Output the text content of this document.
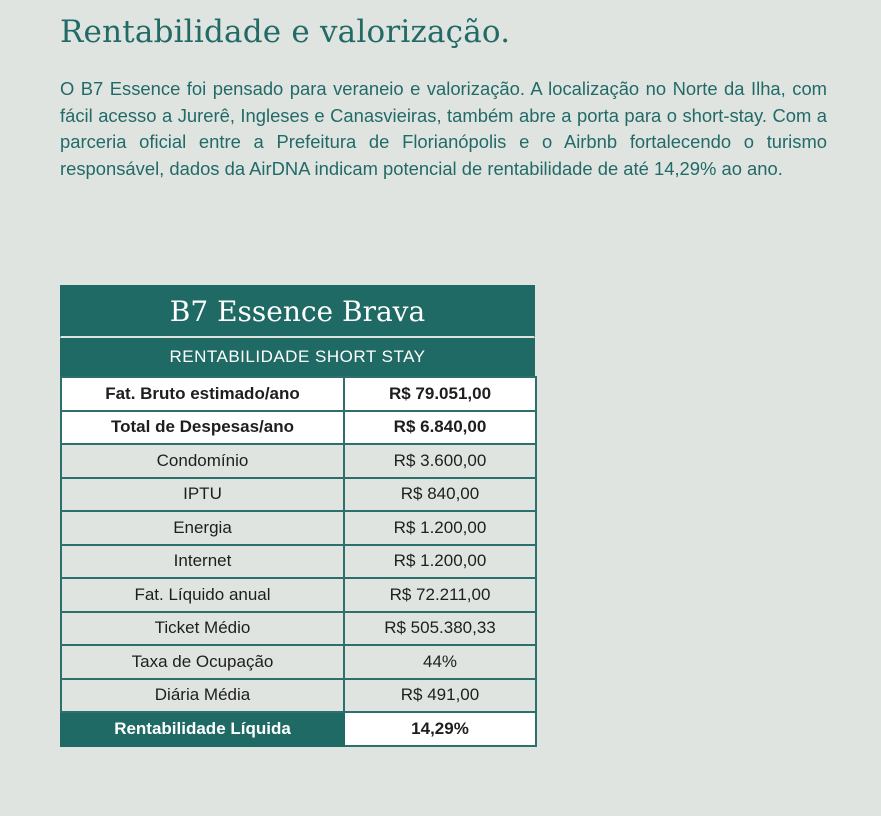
Rentabilidade e valorização.

O B7 Essence foi pensado para veraneio e valorização. A localização no Norte da Ilha, com fácil acesso a Jurerê, Ingleses e Canasvieiras, também abre a porta para o short-stay. Com a parceria oficial entre a Prefeitura de Florianópolis e o Airbnb fortalecendo o turismo responsável, dados da AirDNA indicam potencial de rentabilidade de até 14,29% ao ano.

B7 Essence Brava
RENTABILIDADE SHORT STAY
Fat. Bruto estimado/ano	R$ 79.051,00
Total de Despesas/ano	R$ 6.840,00
Condomínio	R$ 3.600,00
IPTU	R$ 840,00
Energia	R$ 1.200,00
Internet	R$ 1.200,00
Fat. Líquido anual	R$ 72.211,00
Ticket Médio	R$ 505.380,33
Taxa de Ocupação	44%
Diária Média	R$ 491,00
Rentabilidade Líquida	14,29%
